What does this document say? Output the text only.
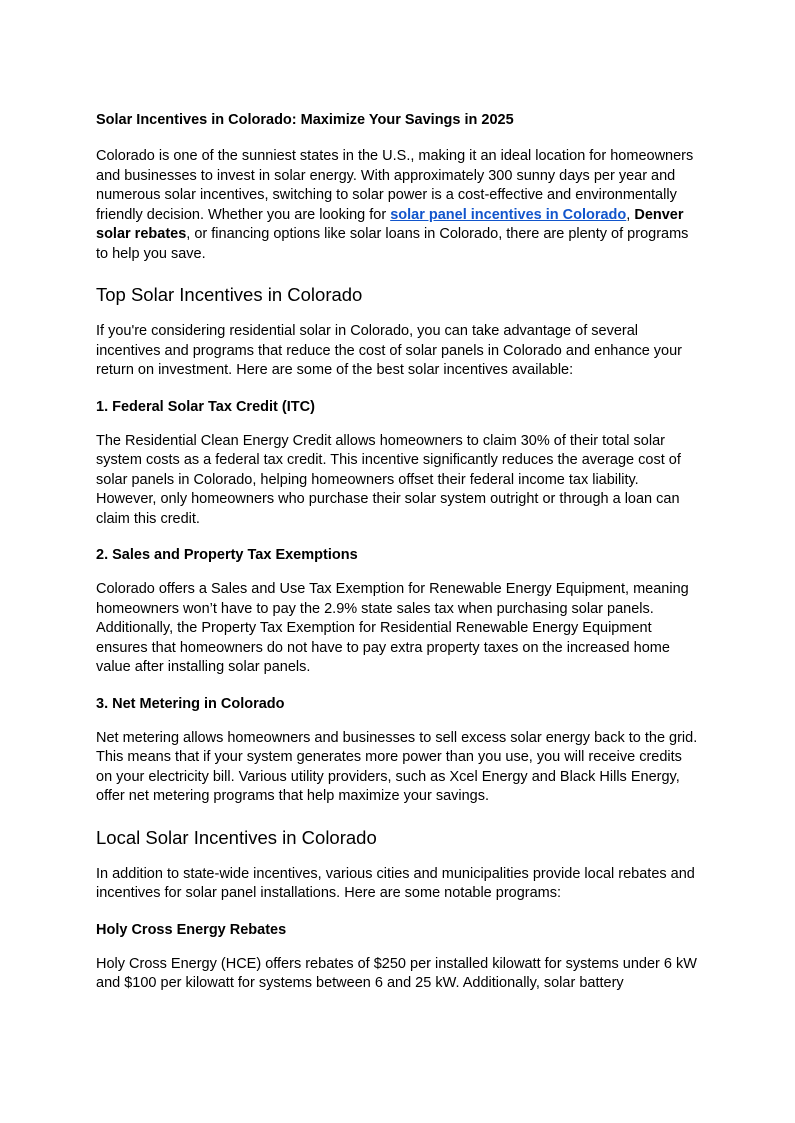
Solar Incentives in Colorado: Maximize Your Savings in 2025

Colorado is one of the sunniest states in the U.S., making it an ideal location for homeowners and businesses to invest in solar energy. With approximately 300 sunny days per year and numerous solar incentives, switching to solar power is a cost-effective and environmentally friendly decision. Whether you are looking for solar panel incentives in Colorado, Denver solar rebates, or financing options like solar loans in Colorado, there are plenty of programs to help you save.

Top Solar Incentives in Colorado

If you're considering residential solar in Colorado, you can take advantage of several incentives and programs that reduce the cost of solar panels in Colorado and enhance your return on investment. Here are some of the best solar incentives available:

1. Federal Solar Tax Credit (ITC)

The Residential Clean Energy Credit allows homeowners to claim 30% of their total solar system costs as a federal tax credit. This incentive significantly reduces the average cost of solar panels in Colorado, helping homeowners offset their federal income tax liability. However, only homeowners who purchase their solar system outright or through a loan can claim this credit.

2. Sales and Property Tax Exemptions

Colorado offers a Sales and Use Tax Exemption for Renewable Energy Equipment, meaning homeowners won’t have to pay the 2.9% state sales tax when purchasing solar panels. Additionally, the Property Tax Exemption for Residential Renewable Energy Equipment ensures that homeowners do not have to pay extra property taxes on the increased home value after installing solar panels.

3. Net Metering in Colorado

Net metering allows homeowners and businesses to sell excess solar energy back to the grid. This means that if your system generates more power than you use, you will receive credits on your electricity bill. Various utility providers, such as Xcel Energy and Black Hills Energy, offer net metering programs that help maximize your savings.

Local Solar Incentives in Colorado

In addition to state-wide incentives, various cities and municipalities provide local rebates and incentives for solar panel installations. Here are some notable programs:

Holy Cross Energy Rebates

Holy Cross Energy (HCE) offers rebates of $250 per installed kilowatt for systems under 6 kW and $100 per kilowatt for systems between 6 and 25 kW. Additionally, solar battery
